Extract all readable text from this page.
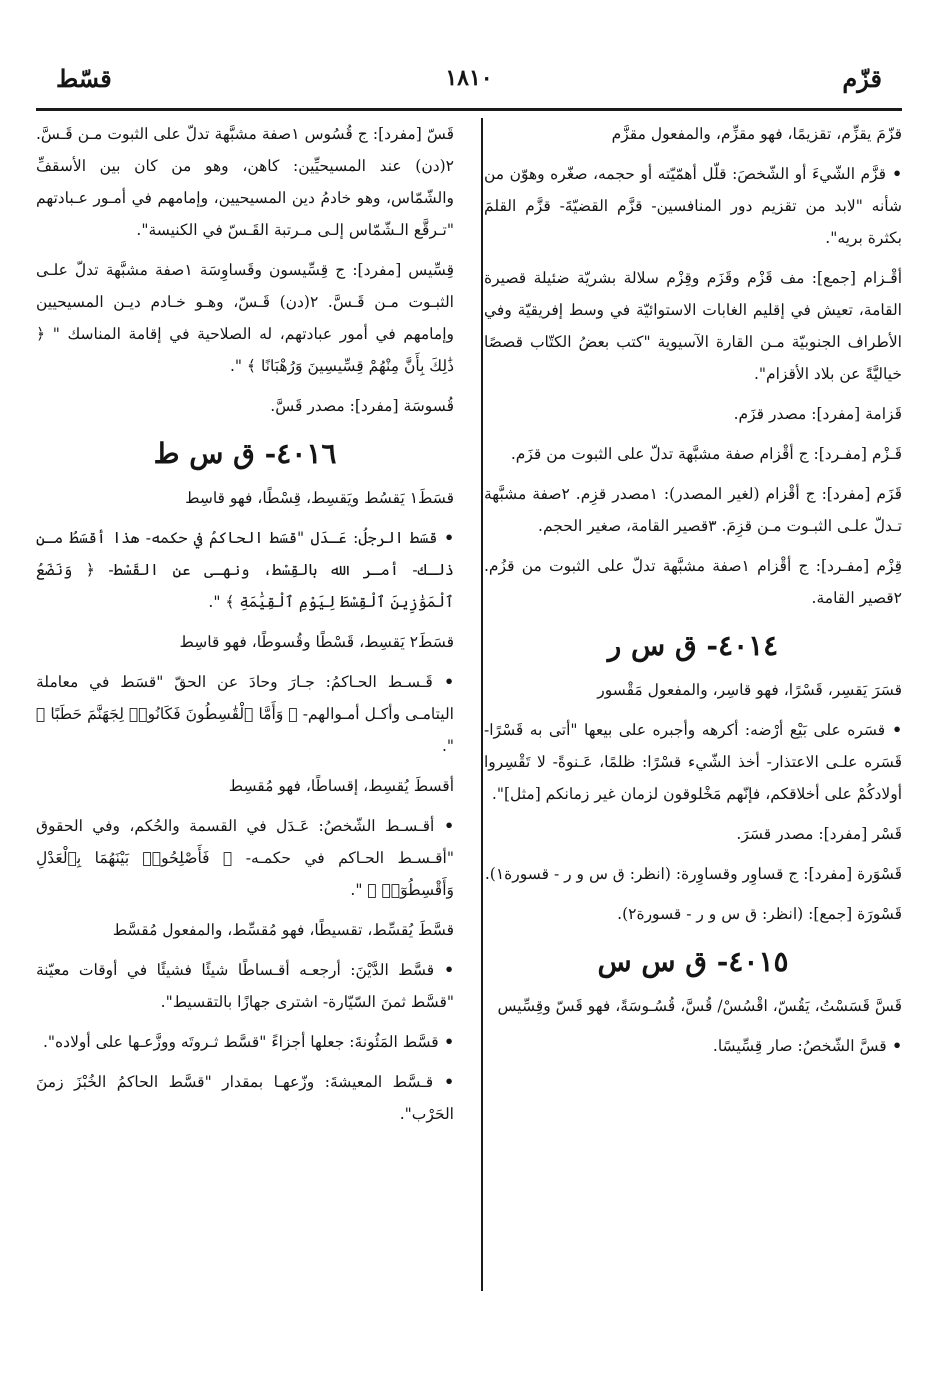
قزّم
١٨١٠
قسّط
قزّمَ يقزِّم، تقزيمًا، فهو مقزِّم، والمفعول مقزَّم
• قزَّم الشّيءَ أو الشّخصَ: قلّل أهمّيّته أو حجمه، صغّره وهوّن من شأنه "لابد من تقزيم دور المنافسين- قزَّم القضيّةَ- قزَّم القلمَ بكثرة بريه".
أقْـزام [جمع]: مف قَزْم وقَزَم وقِزْم سلالة بشريّة ضئيلة قصيرة القامة، تعيش في إقليم الغابات الاستوائيّة في وسط إفريقيّة وفي الأطراف الجنوبيّة مـن القارة الآسيوية "كتب بعضُ الكتّاب قصصًا خياليَّةً عن بلاد الأقزام".
قَزامة [مفرد]: مصدر قزَم.
قَـزْم [مفـرد]: ج أقْزام صفة مشبَّهة تدلّ على الثبوت من قزَم.
قَزَم [مفرد]: ج أقْزام (لغير المصدر): ١مصدر قزِم. ٢صفة مشبَّهة تـدلّ علـى الثبـوت مـن قزِمَ. ٣قصير القامة، صغير الحجم.
قِزْم [مفـرد]: ج أقْزام ١صفة مشبَّهة تدلّ على الثبوت من قزُم. ٢قصير القامة.
٤٠١٤- ق س ر
قسَرَ يَقسِر، قَسْرًا، فهو قاسِر، والمفعول مَقْسور
• قسَره على بَيْع أرْضه: أكرهه وأجبره على بيعها "أتى به قَسْرًا- قَسَره علـى الاعتذار- أخذ الشّيء قسْرًا: ظلمًا، عَـنوةً- لا تَقْسِروا أولادكُمْ على أخلاقكم، فإنّهم مَخْلوقون لزمان غير زمانكم [مثل]".
قَسْر [مفرد]: مصدر قسَرَ.
قَسْوَرة [مفرد]: ج قساوِر وقساوِرة: (انظر: ق س و ر - قسورة١).
قَسْورَة [جمع]: (انظر: ق س و ر - قسورة٢).
٤٠١٥- ق س س
قَسَّ قَسَسْتُ، يَقُسّ، اقْسُسْ/ قُسَّ، قُسُـوسَةً، فهو قَسّ وقِسِّيس
• قسَّ الشّخصُ: صار قِسِّيسًا.
قَسّ [مفرد]: ج قُسُوس ١صفة مشبَّهة تدلّ على الثبوت مـن قَـسَّ. ٢(دن) عند المسيحيِّين: كاهن، وهو من كان بين الأسقفِّ والشّمّاس، وهو خادمُ دين المسيحيين، وإمامهم في أمـور عـبادتهم "تـرقَّع الـشّمّاس إلـى مـرتبة القَـسّ في الكنيسة".
قِسِّيس [مفرد]: ج قِسِّيسون وقَساوِسَة ١صفة مشبَّهة تدلّ علـى الثبـوت مـن قَـسَّ. ٢(دن) قَـسّ، وهـو خـادم ديـن المسيحيين وإمامهم في أمور عبادتهم، له الصلاحية في إقامة المناسك " ﴿ ذَٰلِكَ بِأَنَّ مِنْهُمْ قِسِّيسِينَ وَرُهْبَانًا ﴾ ".
قُسوسَة [مفرد]: مصدر قَسَّ.
٤٠١٦- ق س ط
قسَطَ١ يَقسُط ويَقسِط، قِسْطًا، فهو قاسِط
• قسَط الرجلُ: عَـدَل "قسَط الحاكمُ في حكمه- هذا أقسَطُ مـن ذلـك- أمـر الله بالقِسْط، ونهـى عن القَسْط- ﴿ وَنَضَعُ ٱلْمَوَٰزِينَ ٱلْقِسْطَ لِيَوْمِ ٱلْقِيَٰمَةِ ﴾ ".
قسَطَ٢ يَقسِط، قَسْطًا وقُسوطًا، فهو قاسِط
• قَـسـط الحـاكمُ: جـارَ وحادَ عن الحقّ "قسَط في معاملة اليتامـى وأكـل أمـوالهم- ﴿ وَأَمَّا ٱلْقَٰسِطُونَ فَكَانُوا۟ لِجَهَنَّمَ حَطَبًا ﴾ ".
أقسطَ يُقسِط، إقساطًا، فهو مُقسِط
• أقـسـط الشّخصُ: عَـدَل في القسمة والحُكم، وفي الحقوق "أقـسـط الحـاكم في حكمـه- ﴿ فَأَصْلِحُوا۟ بَيْنَهُمَا بِٱلْعَدْلِ وَأَقْسِطُوٓا۟ ﴾ ".
قسَّطَ يُقسِّط، تقسيطًا، فهو مُقسِّط، والمفعول مُقسَّط
• قسَّط الدَّيْنَ: أرجعـه أقـساطًا شيئًا فشيئًا في أوقات معيّنة "قسَّط ثمنَ السّيّارة- اشترى جهازًا بالتقسيط".
• قسَّط المَئُونةَ: جعلها أجزاءً "قسَّط ثـروتَه ووزَّعـها على أولاده".
• قـسَّط المعيشةَ: وزّعهـا بمقدار "قسَّط الحاكمُ الخُبْزَ زمنَ الحَرْب".
